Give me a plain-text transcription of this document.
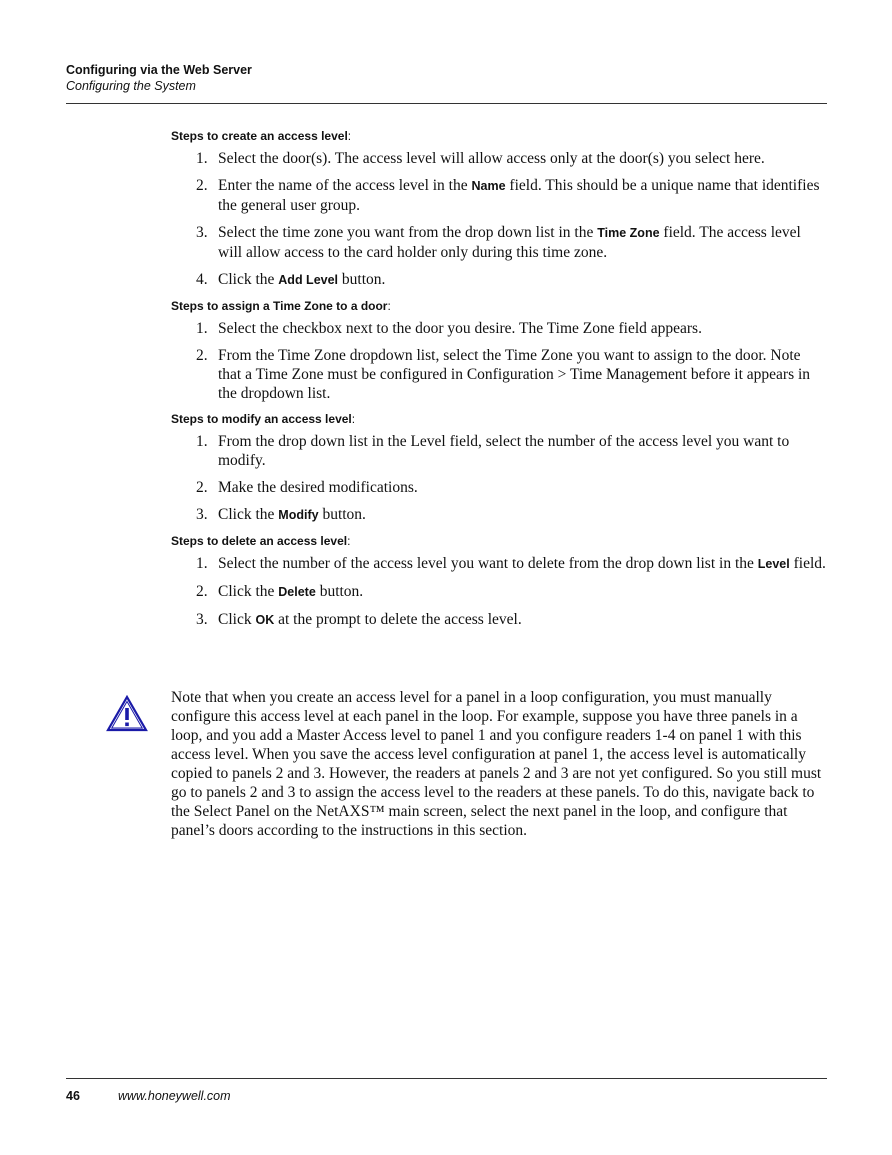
Configuring via the Web Server
Configuring the System
Steps to create an access level:
1. Select the door(s). The access level will allow access only at the door(s) you select here.
2. Enter the name of the access level in the Name field. This should be a unique name that identifies the general user group.
3. Select the time zone you want from the drop down list in the Time Zone field. The access level will allow access to the card holder only during this time zone.
4. Click the Add Level button.
Steps to assign a Time Zone to a door:
1. Select the checkbox next to the door you desire. The Time Zone field appears.
2. From the Time Zone dropdown list, select the Time Zone you want to assign to the door. Note that a Time Zone must be configured in Configuration > Time Management before it appears in the dropdown list.
Steps to modify an access level:
1. From the drop down list in the Level field, select the number of the access level you want to modify.
2. Make the desired modifications.
3. Click the Modify button.
Steps to delete an access level:
1. Select the number of the access level you want to delete from the drop down list in the Level field.
2. Click the Delete button.
3. Click OK at the prompt to delete the access level.
Note that when you create an access level for a panel in a loop configuration, you must manually configure this access level at each panel in the loop. For example, suppose you have three panels in a loop, and you add a Master Access level to panel 1 and you configure readers 1-4 on panel 1 with this access level. When you save the access level configuration at panel 1, the access level is automatically copied to panels 2 and 3. However, the readers at panels 2 and 3 are not yet configured. So you still must go to panels 2 and 3 to assign the access level to the readers at these panels. To do this, navigate back to the Select Panel on the NetAXS™ main screen, select the next panel in the loop, and configure that panel’s doors according to the instructions in this section.
46	www.honeywell.com
